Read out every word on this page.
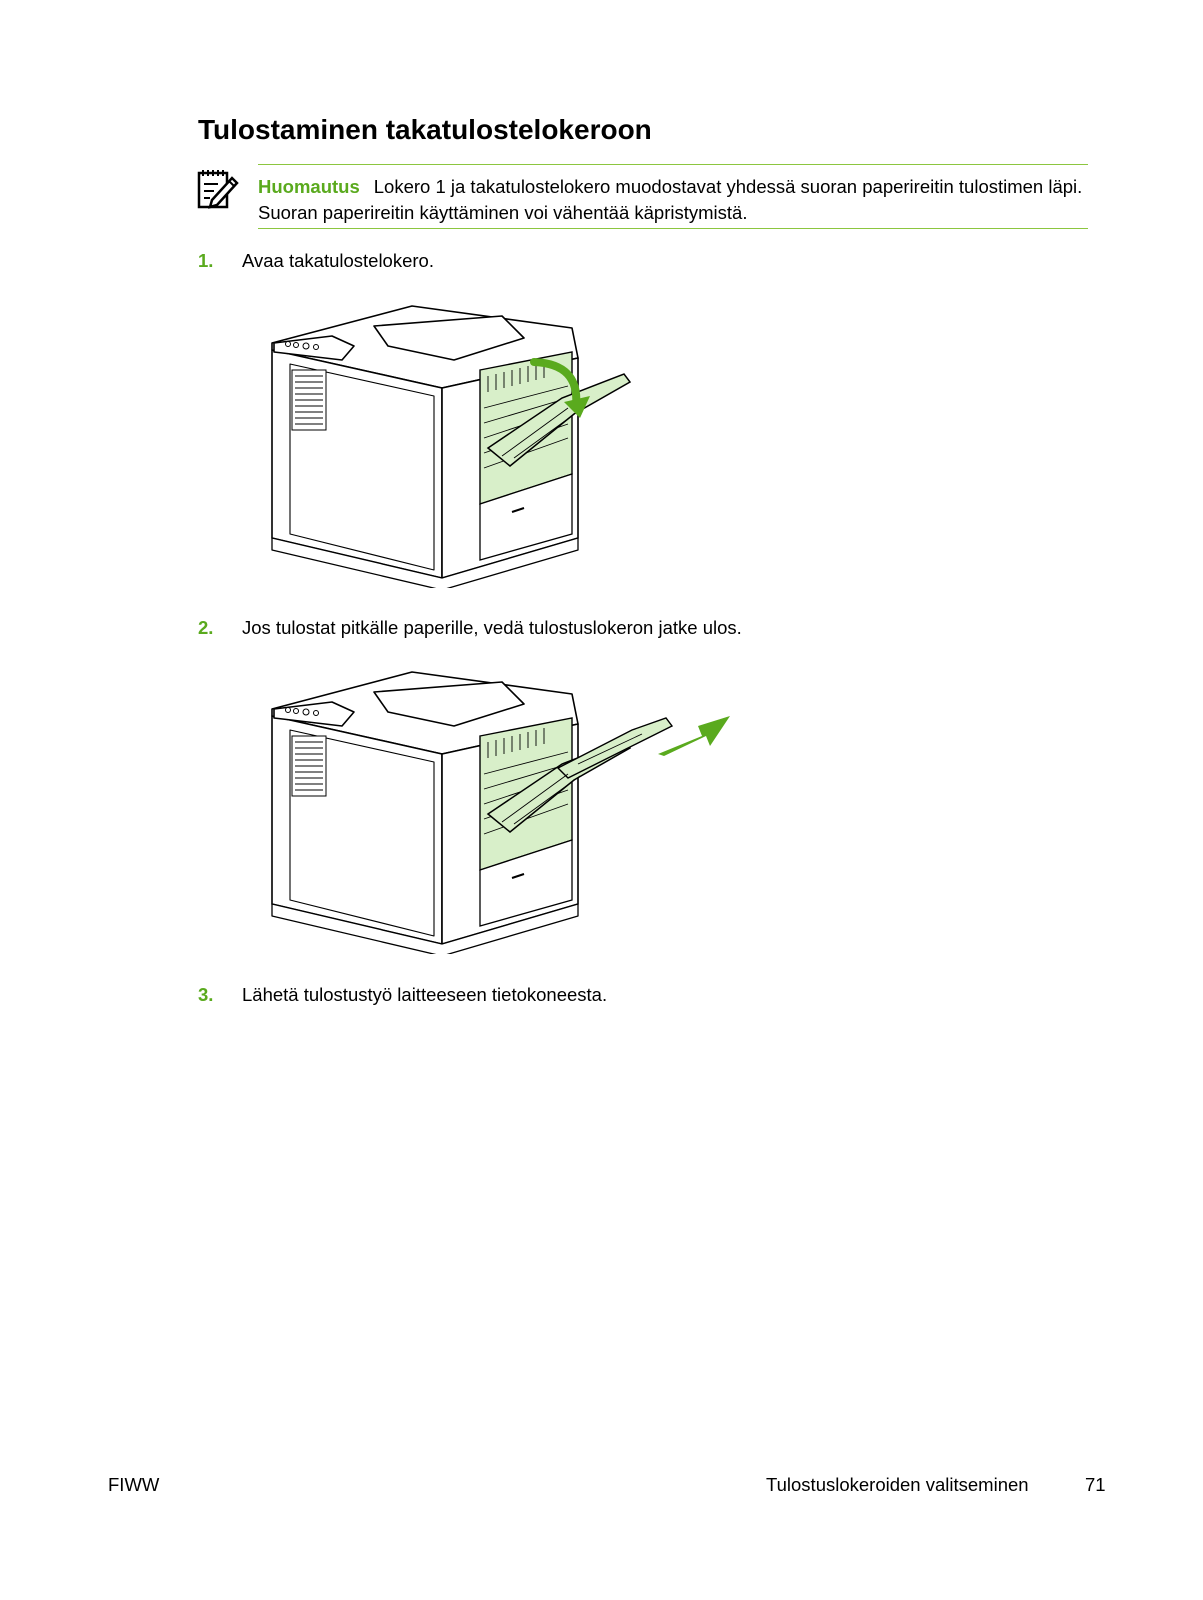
Tulostaminen takatulostelokeroon
Huomautus Lokero 1 ja takatulostelokero muodostavat yhdessä suoran paperireitin tulostimen läpi. Suoran paperireitin käyttäminen voi vähentää käpristymistä.
1. Avaa takatulostelokero.
2. Jos tulostat pitkälle paperille, vedä tulostuslokeron jatke ulos.
3. Lähetä tulostustyö laitteeseen tietokoneesta.
FIWW	Tulostuslokeroiden valitseminen	71
